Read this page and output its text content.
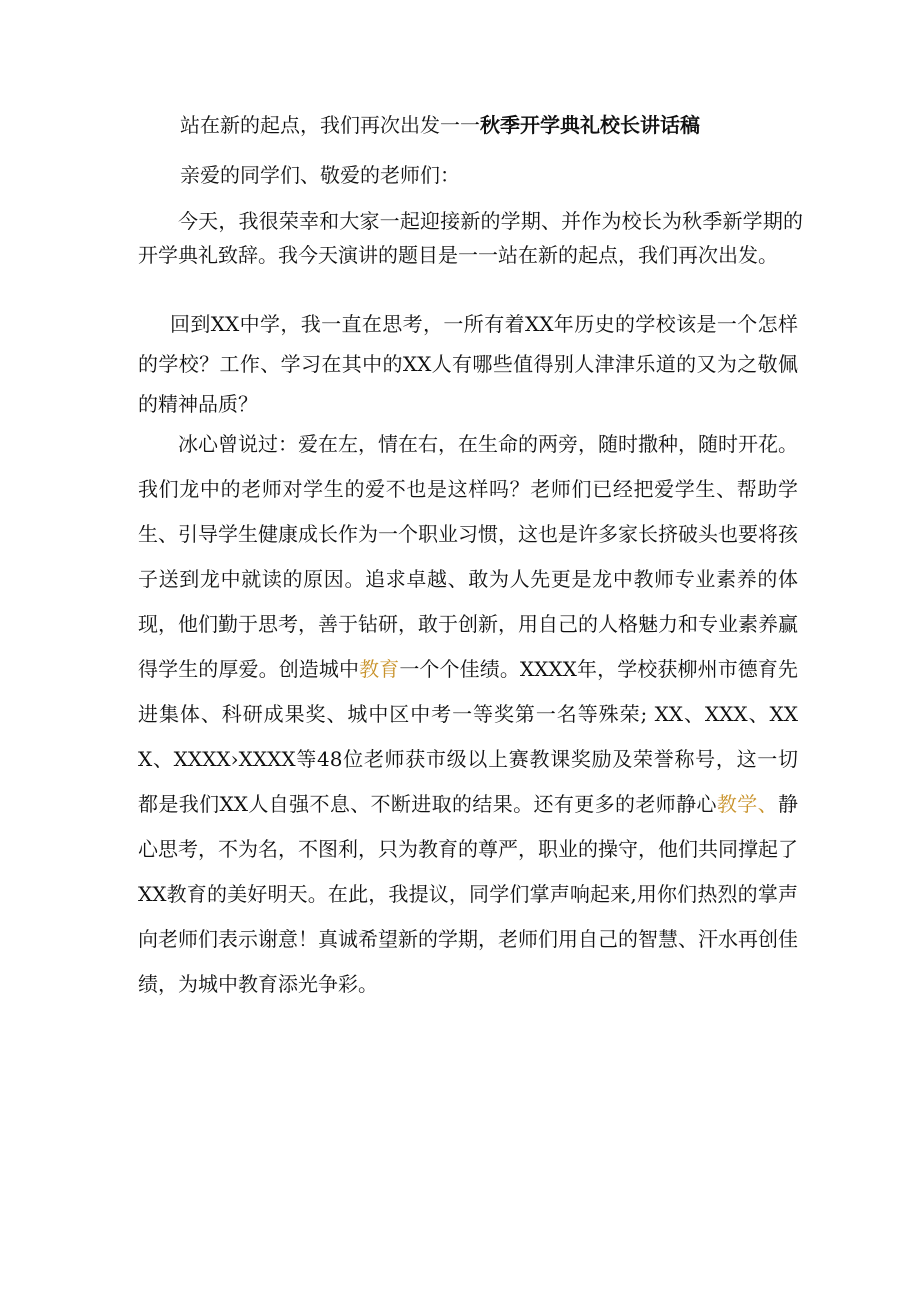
站在新的起点，我们再次出发一一秋季开学典礼校长讲话稿
亲爱的同学们、敬爱的老师们：

今天，我很荣幸和大家一起迎接新的学期、并作为校长为秋季新学期的开学典礼致辞。我今天演讲的题目是一一站在新的起点，我们再次出发。

回到XX中学，我一直在思考，一所有着XX年历史的学校该是一个怎样的学校？工作、学习在其中的XX人有哪些值得别人津津乐道的又为之敬佩的精神品质？

冰心曾说过：爱在左，情在右，在生命的两旁，随时撒种，随时开花。我们龙中的老师对学生的爱不也是这样吗？老师们已经把爱学生、帮助学生、引导学生健康成长作为一个职业习惯，这也是许多家长挤破头也要将孩子送到龙中就读的原因。追求卓越、敢为人先更是龙中教师专业素养的体现，他们勤于思考，善于钻研，敢于创新，用自己的人格魅力和专业素养赢得学生的厚爱。创造城中教育一个个佳绩。XXXX年，学校获柳州市德育先进集体、科研成果奖、城中区中考一等奖第一名等殊荣; XX、XXX、XXX、XXXX›XXXX等48位老师获市级以上赛教课奖励及荣誉称号，这一切都是我们XX人自强不息、不断进取的结果。还有更多的老师静心教学、静心思考，不为名，不图利，只为教育的尊严，职业的操守，他们共同撑起了XX教育的美好明天。在此，我提议，同学们掌声响起来,用你们热烈的掌声向老师们表示谢意！真诚希望新的学期，老师们用自己的智慧、汗水再创佳绩，为城中教育添光争彩。
